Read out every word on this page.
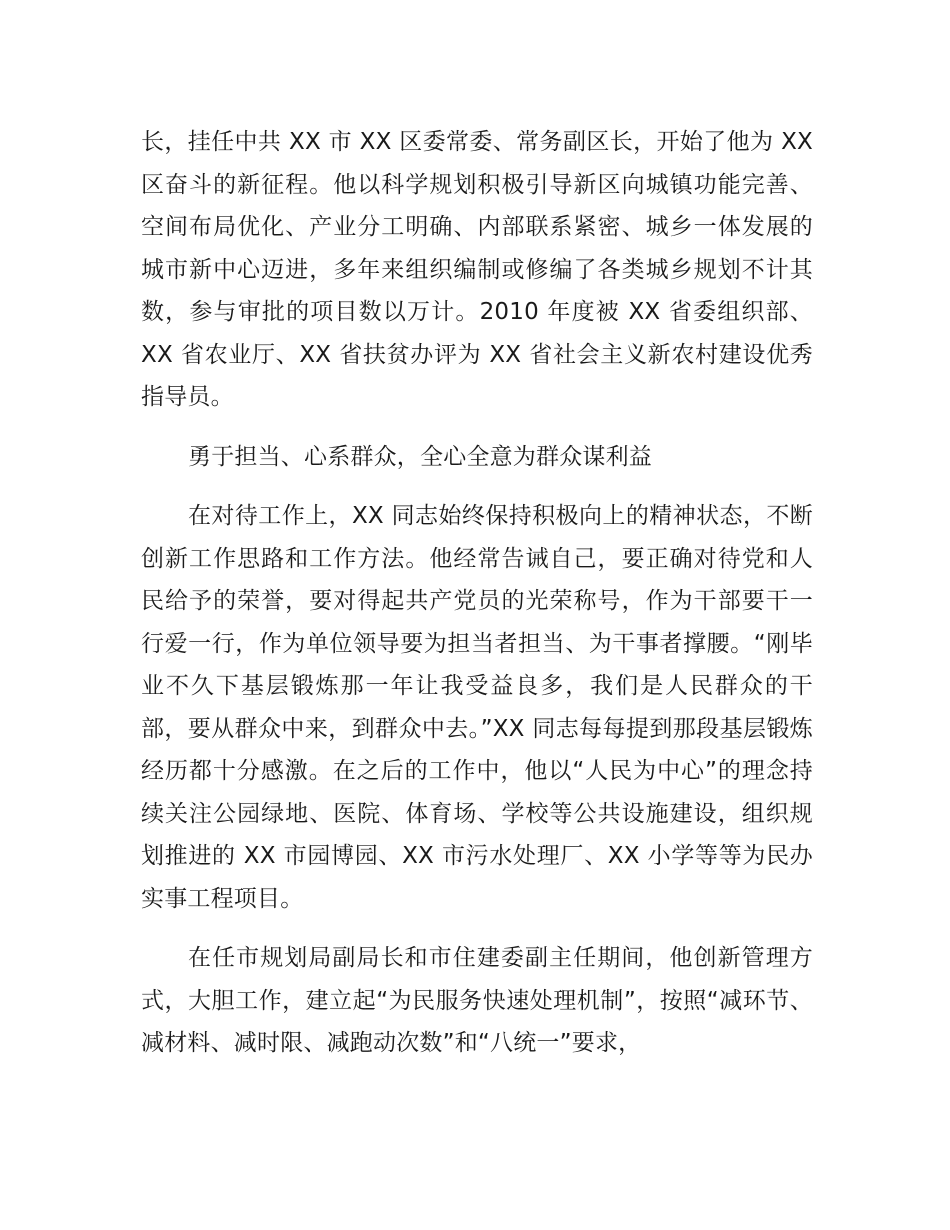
长，挂任中共 XX 市 XX 区委常委、常务副区长，开始了他为 XX 区奋斗的新征程。他以科学规划积极引导新区向城镇功能完善、空间布局优化、产业分工明确、内部联系紧密、城乡一体发展的城市新中心迈进，多年来组织编制或修编了各类城乡规划不计其数，参与审批的项目数以万计。2010 年度被 XX 省委组织部、XX 省农业厅、XX 省扶贫办评为 XX 省社会主义新农村建设优秀指导员。

勇于担当、心系群众，全心全意为群众谋利益

在对待工作上，XX 同志始终保持积极向上的精神状态，不断创新工作思路和工作方法。他经常告诫自己，要正确对待党和人民给予的荣誉，要对得起共产党员的光荣称号，作为干部要干一行爱一行，作为单位领导要为担当者担当、为干事者撑腰。“刚毕业不久下基层锻炼那一年让我受益良多，我们是人民群众的干部，要从群众中来，到群众中去。”XX 同志每每提到那段基层锻炼经历都十分感激。在之后的工作中，他以“人民为中心”的理念持续关注公园绿地、医院、体育场、学校等公共设施建设，组织规划推进的 XX 市园博园、XX 市污水处理厂、XX 小学等等为民办实事工程项目。

在任市规划局副局长和市住建委副主任期间，他创新管理方式，大胆工作，建立起“为民服务快速处理机制”，按照“减环节、减材料、减时限、减跑动次数”和“八统一”要求，
